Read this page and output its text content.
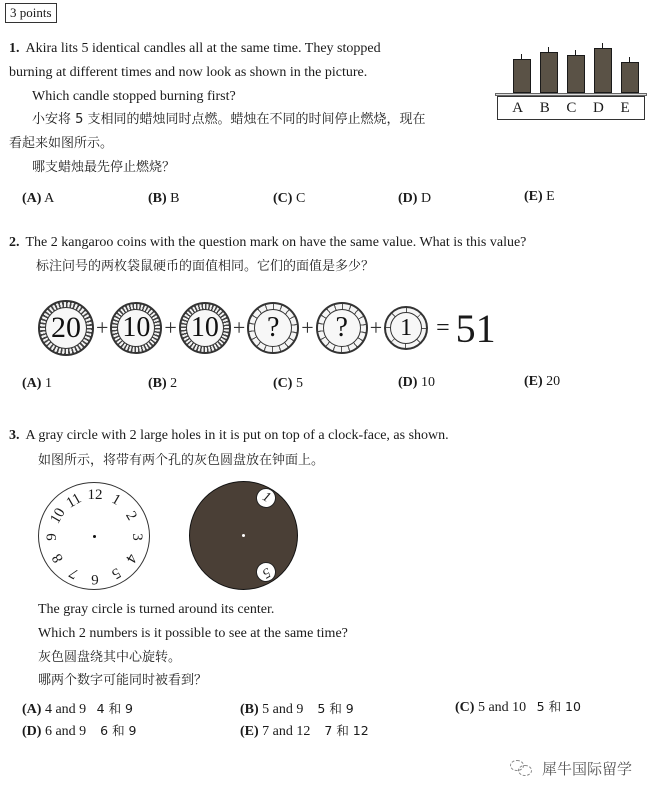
3 points
1. Akira lits 5 identical candles all at the same time. They stopped
burning at different times and now look as shown in the picture.
Which candle stopped burning first?
小安将 5 支相同的蜡烛同时点燃。蜡烛在不同的时间停止燃烧，现在
看起来如图所示。
哪支蜡烛最先停止燃烧？
A B C D E
(A) A	(B) B	(C) C	(D) D	(E) E
2. The 2 kangaroo coins with the question mark on have the same value. What is this value?
标注问号的两枚袋鼠硬币的面值相同。它们的面值是多少？
20 + 10 + 10 + ? + ? + 1 = 51
(A) 1	(B) 2	(C) 5	(D) 10	(E) 20
3. A gray circle with 2 large holes in it is put on top of a clock-face, as shown.
如图所示，将带有两个孔的灰色圆盘放在钟面上。
12 1
2
3
4
5
6
7
8
9
10
11	1
5
The gray circle is turned around its center.
Which 2 numbers is it possible to see at the same time?
灰色圆盘绕其中心旋转。
哪两个数字可能同时被看到？
(A) 4 and 9 4 和 9	(B) 5 and 9 5 和 9	(C) 5 and 10 5 和 10
(D) 6 and 9 6 和 9	(E) 7 and 12 7 和 12
犀牛国际留学
